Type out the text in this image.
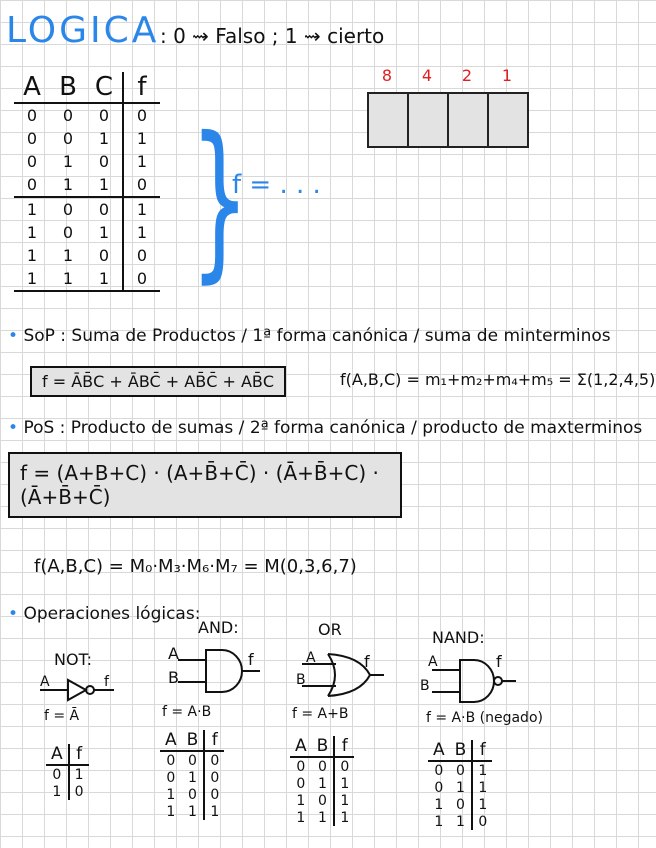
LOGICA : 0 ⇝ Falso ; 1 ⇝ cierto
A	B	C	f
0	0	0	0
0	0	1	1
0	1	0	1
0	1	1	0
1	0	0	1
1	0	1	1
1	1	0	0
1	1	1	0 }
f = . . .
8	4	2	1
• SoP : Suma de Productos / 1ª forma canónica / suma de minterminos
f = ĀB̄C + ĀBC̄ + AB̄C̄ + AB̄C	f(A,B,C) = m₁+m₂+m₄+m₅ = Σ(1,2,4,5)
• PoS : Producto de sumas / 2ª forma canónica / producto de maxterminos
f = (A+B+C) · (A+B̄+C̄) · (Ā+B̄+C) · (Ā+B̄+C̄)
f(A,B,C) = M₀·M₃·M₆·M₇ = M(0,3,6,7)
• Operaciones lógicas:
NOT:
A	f
f = Ā
A	f
0	1
1	0
AND:
A
B
f
f = A·B
A	B	f
0	0	0
0	1	0
1	0	0
1	1	1
OR
A
B
f
f = A+B
A	B	f
0	0	0
0	1	1
1	0	1
1	1	1
NAND:
A
B
f
f = A·B (negado)
A	B	f
0	0	1
0	1	1
1	0	1
1	1	0
